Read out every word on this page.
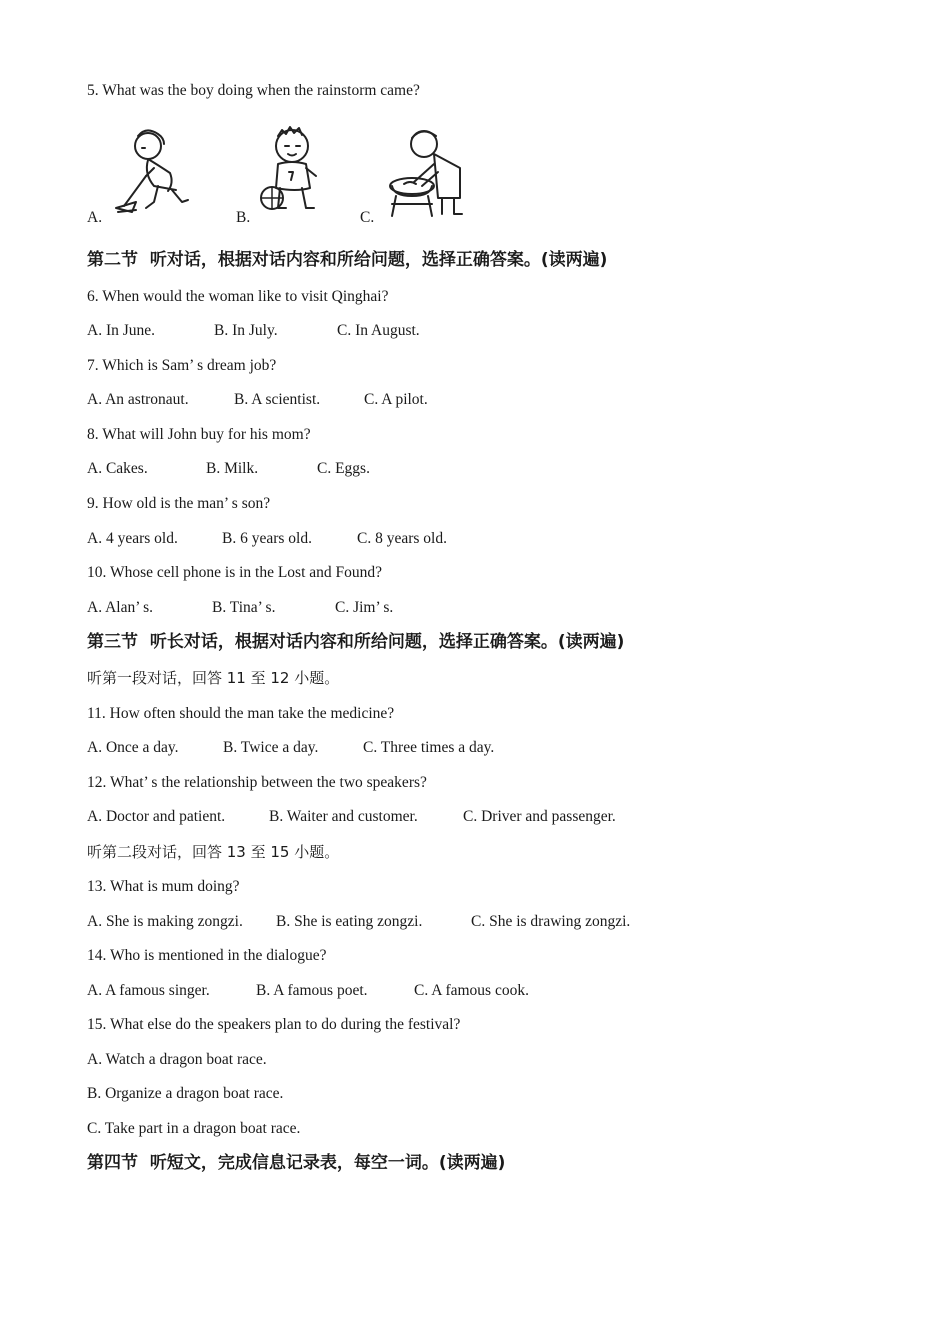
5. What was the boy doing when the rainstorm came?
A.	B.	C.
第二节  听对话，根据对话内容和所给问题，选择正确答案。(读两遍)
6. When would the woman like to visit Qinghai?
A. In June.	B. In July.	C. In August.
7. Which is Sam’ s dream job?
A. An astronaut.	B. A scientist.	C. A pilot.
8. What will John buy for his mom?
A. Cakes.	B. Milk.	C. Eggs.
9. How old is the man’ s son?
A. 4 years old.	B. 6 years old.	C. 8 years old.
10. Whose cell phone is in the Lost and Found?
A. Alan’ s.	B. Tina’ s.	C. Jim’ s.
第三节  听长对话，根据对话内容和所给问题，选择正确答案。(读两遍)
听第一段对话，回答 11 至 12 小题。
11. How often should the man take the medicine?
A. Once a day.	B. Twice a day.	C. Three times a day.
12. What’ s the relationship between the two speakers?
A. Doctor and patient.	B. Waiter and customer.	C. Driver and passenger.
听第二段对话，回答 13 至 15 小题。
13. What is mum doing?
A. She is making zongzi. B. She is eating zongzi.	C. She is drawing zongzi.
14. Who is mentioned in the dialogue?
A. A famous singer.	B. A famous poet.	C. A famous cook.
15. What else do the speakers plan to do during the festival?
A. Watch a dragon boat race.
B. Organize a dragon boat race.
C. Take part in a dragon boat race.
第四节  听短文，完成信息记录表，每空一词。(读两遍)
